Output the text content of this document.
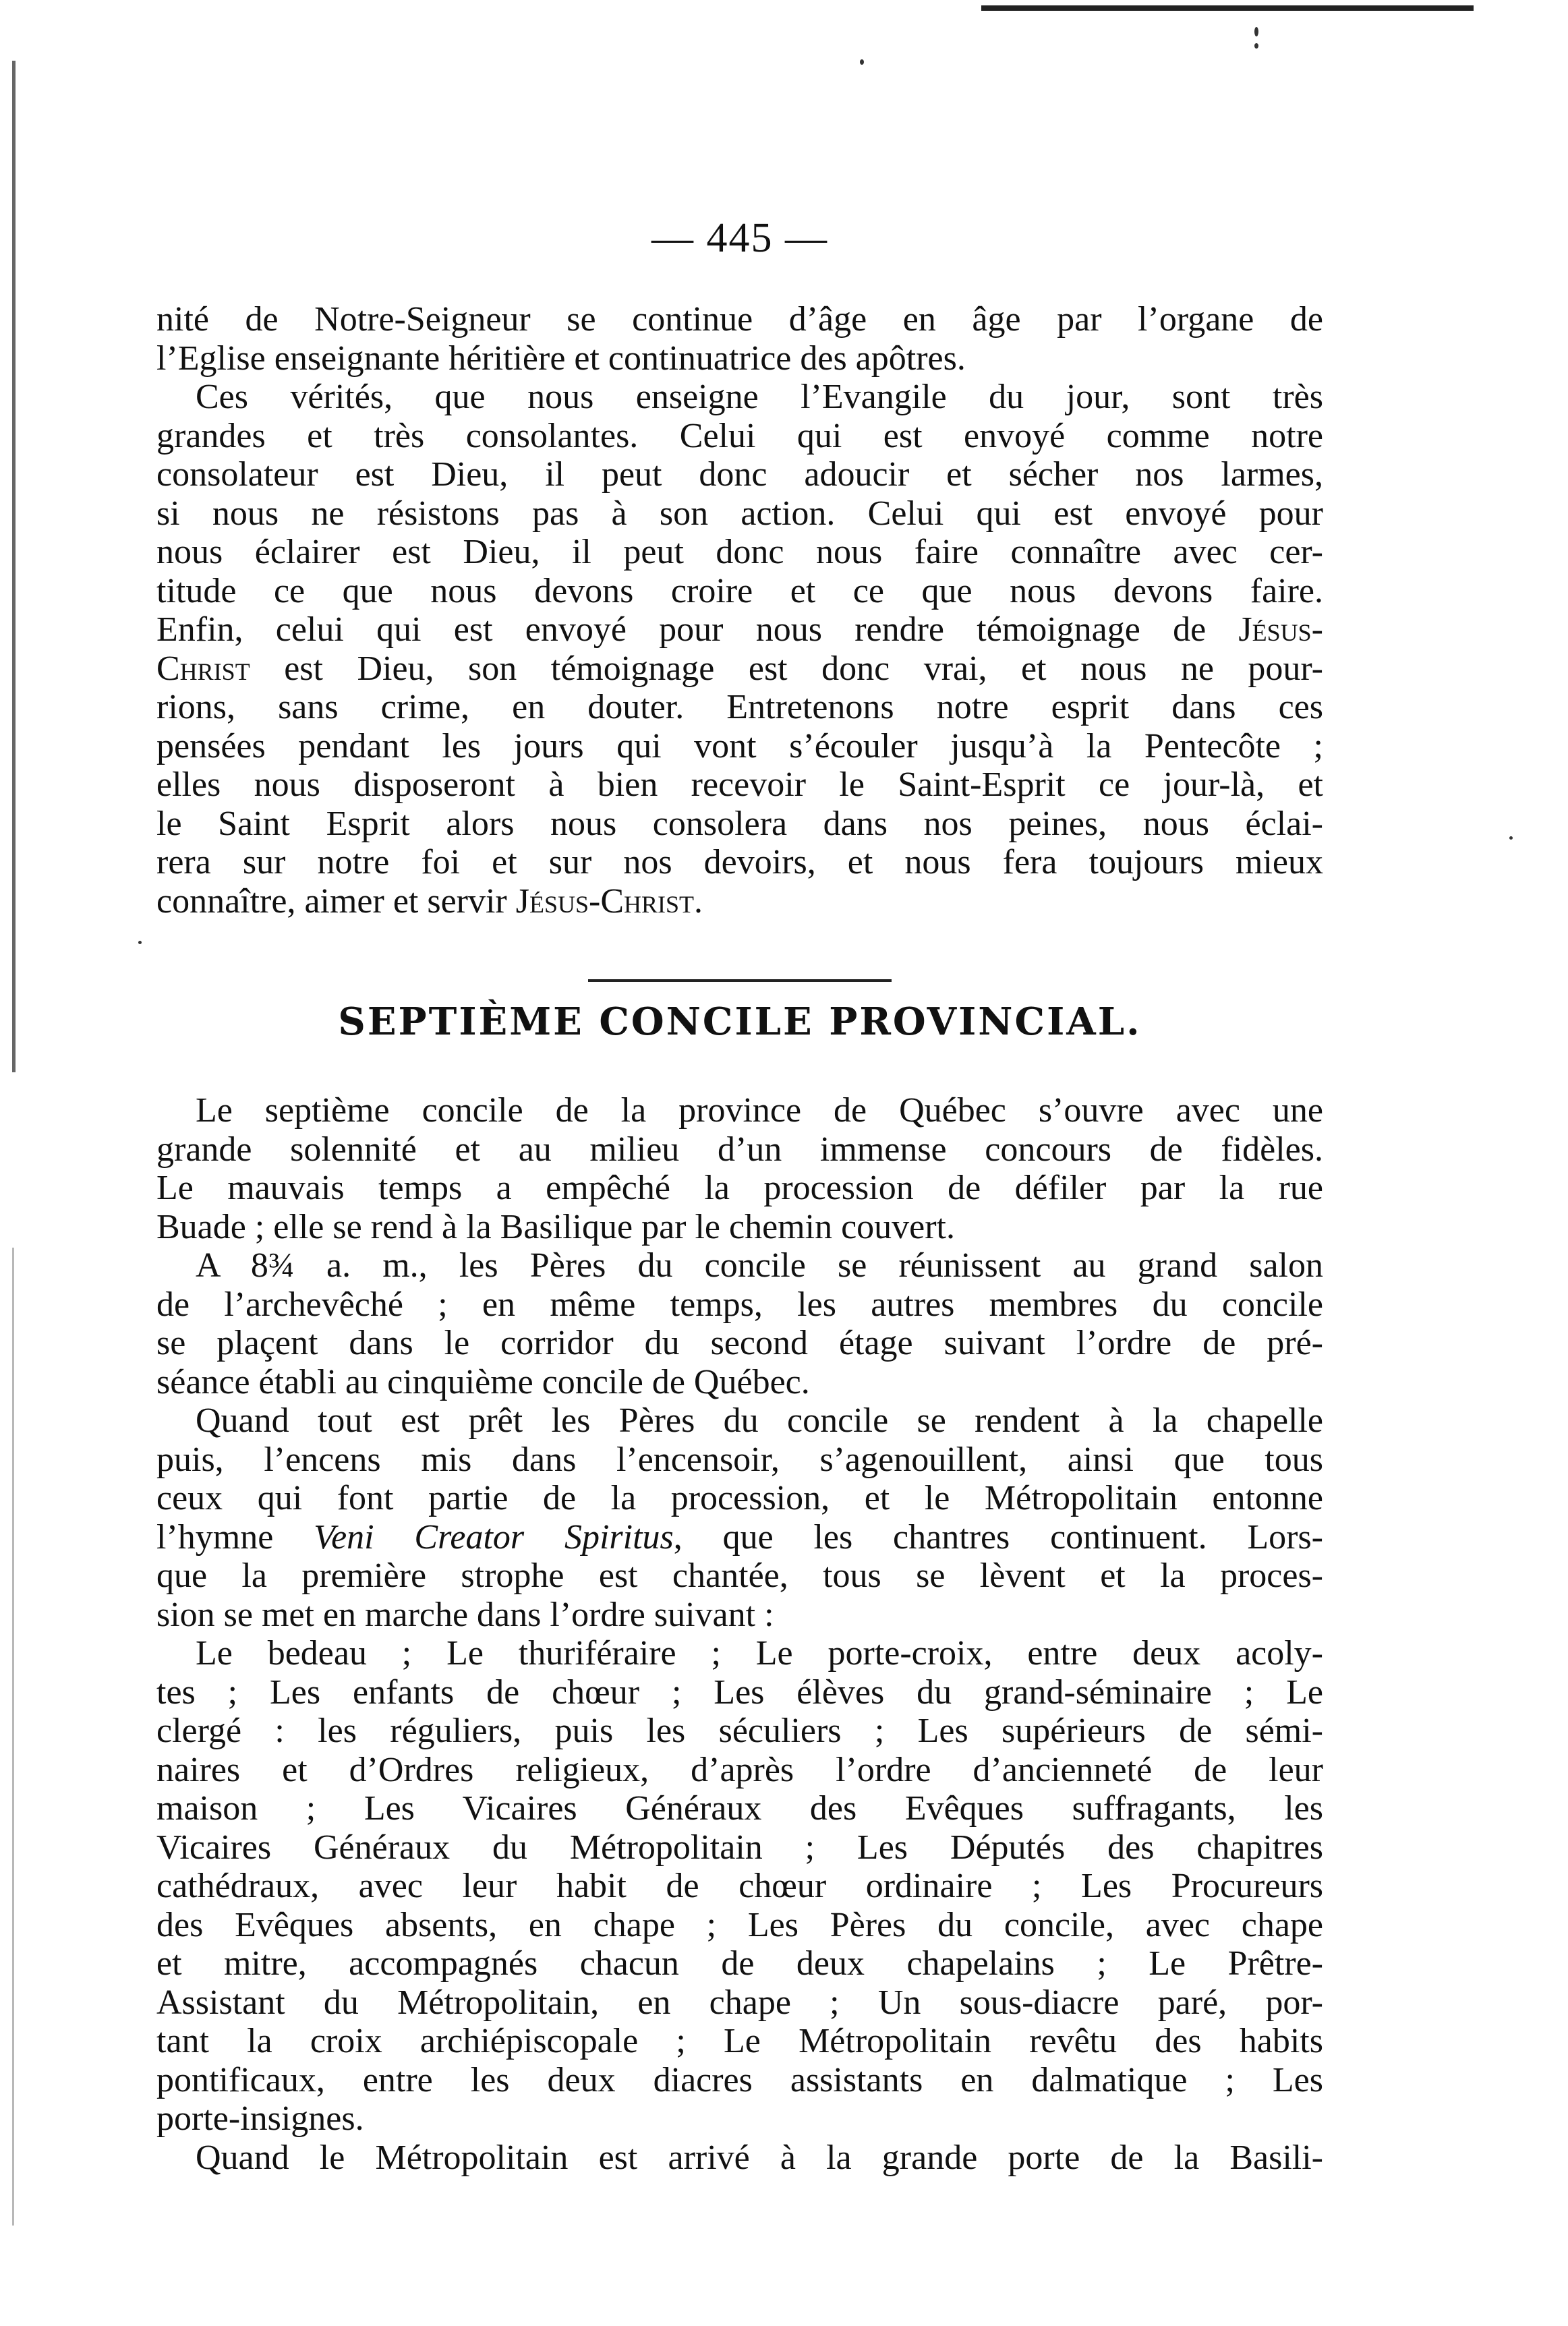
— 445 —
nité de Notre-Seigneur se continue d’âge en âge par l’organe de
l’Eglise enseignante héritière et continuatrice des apôtres.
Ces vérités, que nous enseigne l’Evangile du jour, sont très
grandes et très consolantes. Celui qui est envoyé comme notre
consolateur est Dieu, il peut donc adoucir et sécher nos larmes,
si nous ne résistons pas à son action. Celui qui est envoyé pour
nous éclairer est Dieu, il peut donc nous faire connaître avec cer-
titude ce que nous devons croire et ce que nous devons faire.
Enfin, celui qui est envoyé pour nous rendre témoignage de Jésus-
Christ est Dieu, son témoignage est donc vrai, et nous ne pour-
rions, sans crime, en douter. Entretenons notre esprit dans ces
pensées pendant les jours qui vont s’écouler jusqu’à la Pentecôte ;
elles nous disposeront à bien recevoir le Saint-Esprit ce jour-là, et
le Saint Esprit alors nous consolera dans nos peines, nous éclai-
rera sur notre foi et sur nos devoirs, et nous fera toujours mieux
connaître, aimer et servir Jésus-Christ.
SEPTIÈME CONCILE PROVINCIAL.
Le septième concile de la province de Québec s’ouvre avec une
grande solennité et au milieu d’un immense concours de fidèles.
Le mauvais temps a empêché la procession de défiler par la rue
Buade ; elle se rend à la Basilique par le chemin couvert.
A 8¾ a. m., les Pères du concile se réunissent au grand salon
de l’archevêché ; en même temps, les autres membres du concile
se plaçent dans le corridor du second étage suivant l’ordre de pré-
séance établi au cinquième concile de Québec.
Quand tout est prêt les Pères du concile se rendent à la chapelle
puis, l’encens mis dans l’encensoir, s’agenouillent, ainsi que tous
ceux qui font partie de la procession, et le Métropolitain entonne
l’hymne Veni Creator Spiritus, que les chantres continuent. Lors-
que la première strophe est chantée, tous se lèvent et la proces-
sion se met en marche dans l’ordre suivant :
Le bedeau ; Le thuriféraire ; Le porte-croix, entre deux acoly-
tes ; Les enfants de chœur ; Les élèves du grand-séminaire ; Le
clergé : les réguliers, puis les séculiers ; Les supérieurs de sémi-
naires et d’Ordres religieux, d’après l’ordre d’ancienneté de leur
maison ; Les Vicaires Généraux des Evêques suffragants, les
Vicaires Généraux du Métropolitain ; Les Députés des chapitres
cathédraux, avec leur habit de chœur ordinaire ; Les Procureurs
des Evêques absents, en chape ; Les Pères du concile, avec chape
et mitre, accompagnés chacun de deux chapelains ; Le Prêtre-
Assistant du Métropolitain, en chape ; Un sous-diacre paré, por-
tant la croix archiépiscopale ; Le Métropolitain revêtu des habits
pontificaux, entre les deux diacres assistants en dalmatique ; Les
porte-insignes.
Quand le Métropolitain est arrivé à la grande porte de la Basili-
